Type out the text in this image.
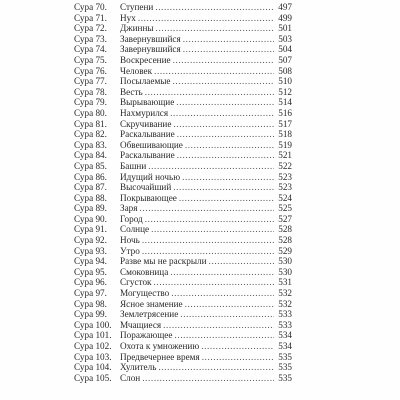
Сура 70.	Ступени .....	497
Сура 71.	Нух .....	499
Сура 72.	Джинны .....	501
Сура 73.	Завернувшийся .....	503
Сура 74.	Завернувшийся .....	504
Сура 75.	Воскресение .....	507
Сура 76.	Человек .....	508
Сура 77.	Посылаемые .....	510
Сура 78.	Весть .....	512
Сура 79.	Вырывающие .....	514
Сура 80.	Нахмурился .....	516
Сура 81.	Скручивание .....	517
Сура 82.	Раскалывание .....	518
Сура 83.	Обвешивающие .....	519
Сура 84.	Раскалывание .....	521
Сура 85.	Башни .....	522
Сура 86.	Идущий ночью .....	523
Сура 87.	Высочайший .....	523
Сура 88.	Покрывающее .....	524
Сура 89.	Заря .....	525
Сура 90.	Город .....	527
Сура 91.	Солнце .....	528
Сура 92.	Ночь .....	528
Сура 93.	Утро .....	529
Сура 94.	Разве мы не раскрыли .....	530
Сура 95.	Смоковница .....	530
Сура 96.	Сгусток .....	531
Сура 97.	Могущество .....	532
Сура 98.	Ясное знамение .....	532
Сура 99.	Землетрясение .....	533
Сура 100. Мчащиеся .....	533
Сура 101. Поражающее .....	534
Сура 102. Охота к умножению .....	534
Сура 103. Предвечернее время .....	535
Сура 104. Хулитель .....	535
Сура 105. Слон .....	535
